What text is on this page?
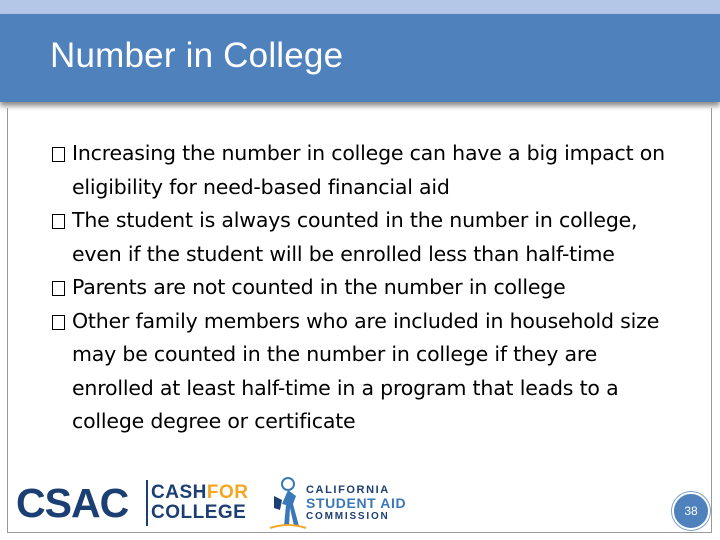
Number in College
Increasing the number in college can have a big impact on eligibility for need-based financial aid
The student is always counted in the number in college, even if the student will be enrolled less than half-time
Parents are not counted in the number in college
Other family members who are included in household size may be counted in the number in college if they are enrolled at least half-time in a program that leads to a college degree or certificate
CSAC CASHFOR
COLLEGE
CALIFORNIA
STUDENT AID
COMMISSION	38
